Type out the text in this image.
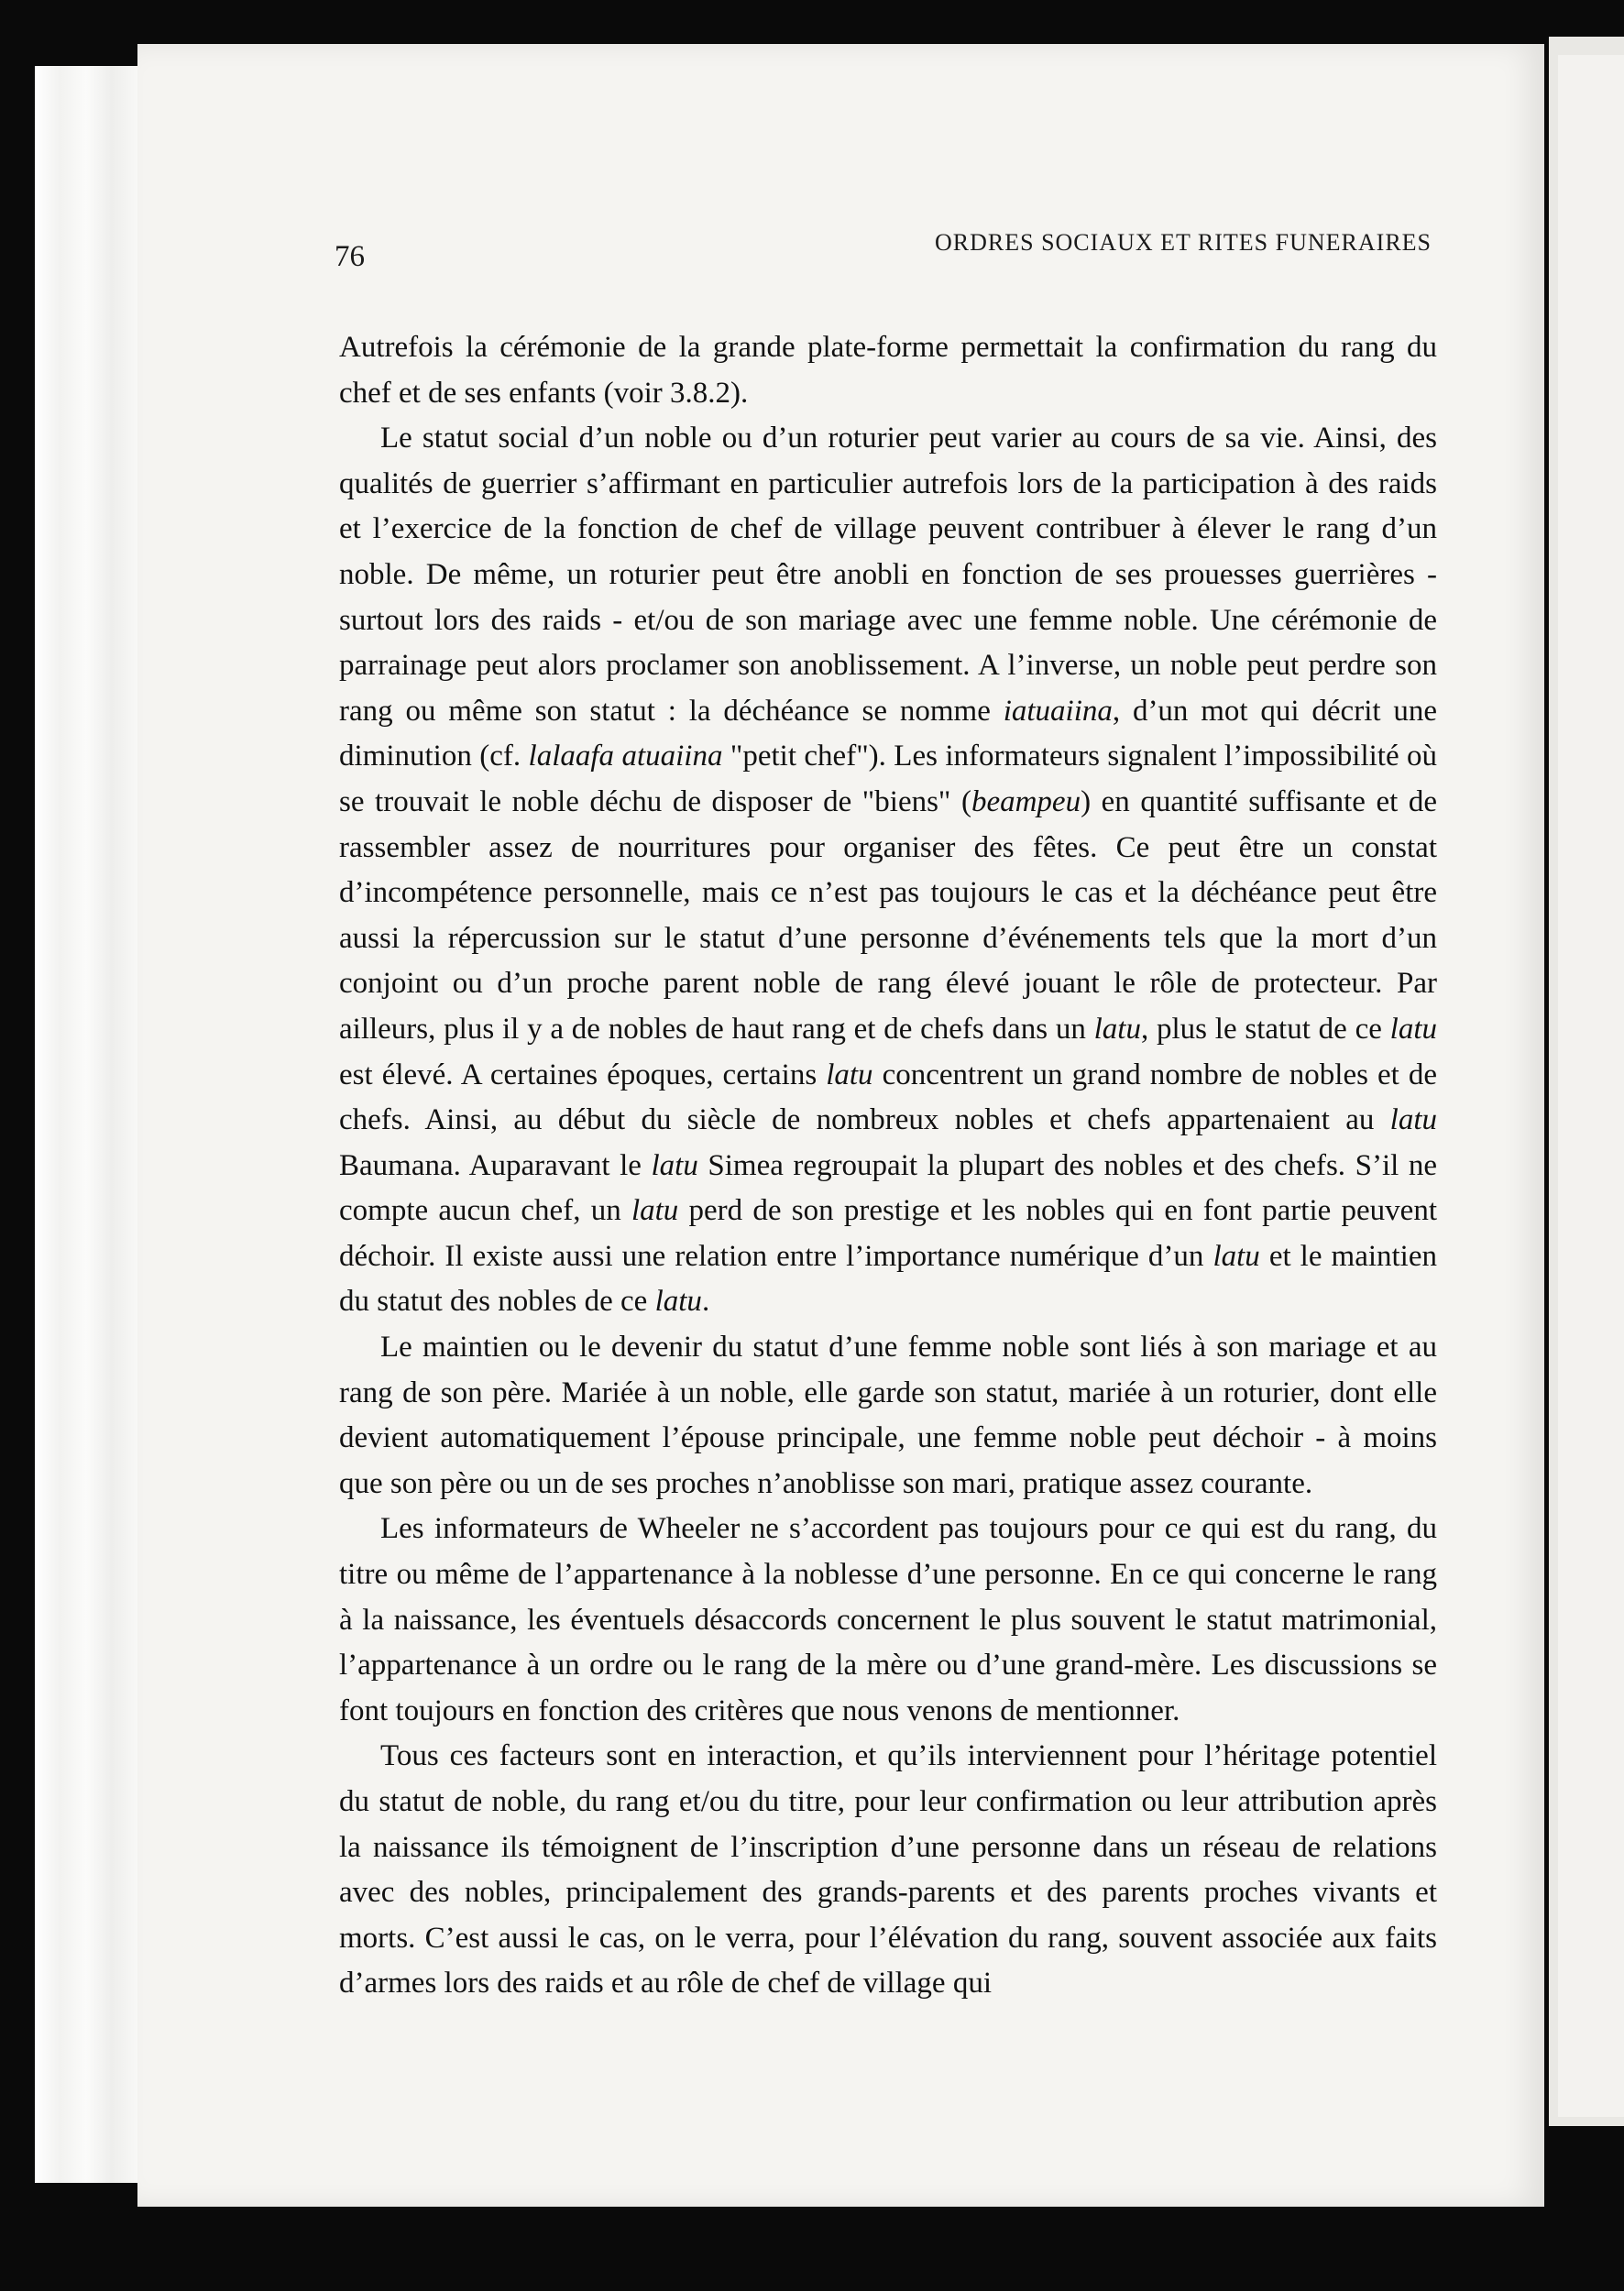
76	ORDRES SOCIAUX ET RITES FUNERAIRES

Autrefois la cérémonie de la grande plate-forme permettait la confirmation du rang du chef et de ses enfants (voir 3.8.2).

Le statut social d’un noble ou d’un roturier peut varier au cours de sa vie. Ainsi, des qualités de guerrier s’affirmant en particulier autrefois lors de la participation à des raids et l’exercice de la fonction de chef de village peuvent contribuer à élever le rang d’un noble. De même, un roturier peut être anobli en fonction de ses prouesses guerrières - surtout lors des raids - et/ou de son mariage avec une femme noble. Une cérémonie de parrainage peut alors proclamer son anoblissement. A l’inverse, un noble peut perdre son rang ou même son statut : la déchéance se nomme iatuaiina, d’un mot qui décrit une diminution (cf. lalaafa atuaiina "petit chef"). Les informateurs signalent l’impossibilité où se trouvait le noble déchu de disposer de "biens" (beampeu) en quantité suffisante et de rassembler assez de nourritures pour organiser des fêtes. Ce peut être un constat d’incompétence personnelle, mais ce n’est pas toujours le cas et la déchéance peut être aussi la répercussion sur le statut d’une personne d’événements tels que la mort d’un conjoint ou d’un proche parent noble de rang élevé jouant le rôle de protecteur. Par ailleurs, plus il y a de nobles de haut rang et de chefs dans un latu, plus le statut de ce latu est élevé. A certaines époques, certains latu concentrent un grand nombre de nobles et de chefs. Ainsi, au début du siècle de nombreux nobles et chefs appartenaient au latu Baumana. Auparavant le latu Simea regroupait la plupart des nobles et des chefs. S’il ne compte aucun chef, un latu perd de son prestige et les nobles qui en font partie peuvent déchoir. Il existe aussi une relation entre l’importance numérique d’un latu et le maintien du statut des nobles de ce latu.

Le maintien ou le devenir du statut d’une femme noble sont liés à son mariage et au rang de son père. Mariée à un noble, elle garde son statut, mariée à un roturier, dont elle devient automatiquement l’épouse principale, une femme noble peut déchoir - à moins que son père ou un de ses proches n’anoblisse son mari, pratique assez courante.

Les informateurs de Wheeler ne s’accordent pas toujours pour ce qui est du rang, du titre ou même de l’appartenance à la noblesse d’une personne. En ce qui concerne le rang à la naissance, les éventuels désaccords concernent le plus souvent le statut matrimonial, l’appartenance à un ordre ou le rang de la mère ou d’une grand-mère. Les discussions se font toujours en fonction des critères que nous venons de mentionner.

Tous ces facteurs sont en interaction, et qu’ils interviennent pour l’héritage potentiel du statut de noble, du rang et/ou du titre, pour leur confirmation ou leur attribution après la naissance ils témoignent de l’inscription d’une personne dans un réseau de relations avec des nobles, principalement des grands-parents et des parents proches vivants et morts. C’est aussi le cas, on le verra, pour l’élévation du rang, souvent associée aux faits d’armes lors des raids et au rôle de chef de village qui
